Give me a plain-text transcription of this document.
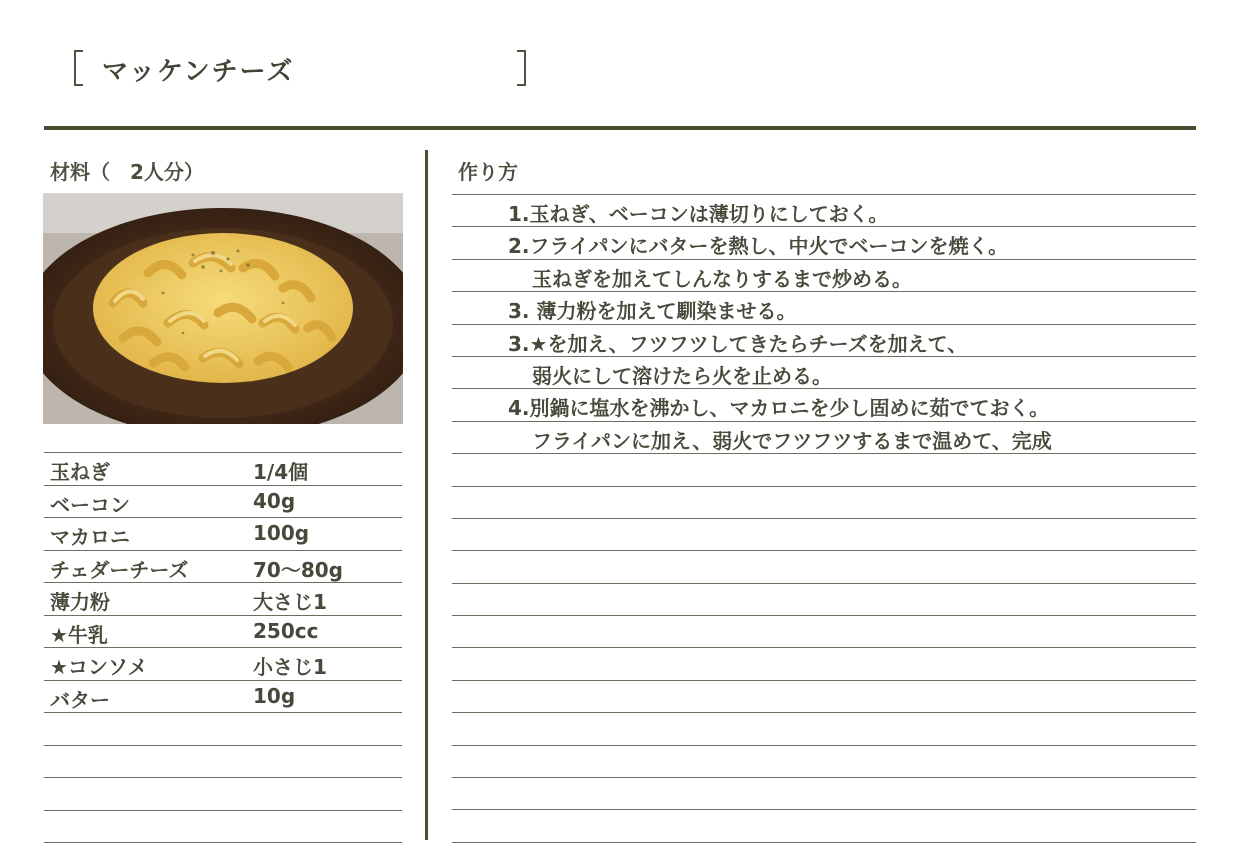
マッケンチーズ
材料（　2人分）
玉ねぎ	1/4個
ベーコン	40g
マカロニ	100g
チェダーチーズ	70〜80g
薄力粉	大さじ1
★牛乳	250cc
★コンソメ	小さじ1
バター	10g
作り方
1.玉ねぎ、ベーコンは薄切りにしておく。
2.フライパンにバターを熱し、中火でベーコンを焼く。
玉ねぎを加えてしんなりするまで炒める。
3. 薄力粉を加えて馴染ませる。
3.★を加え、フツフツしてきたらチーズを加えて、
弱火にして溶けたら火を止める。
4.別鍋に塩水を沸かし、マカロニを少し固めに茹でておく。
フライパンに加え、弱火でフツフツするまで温めて、完成
